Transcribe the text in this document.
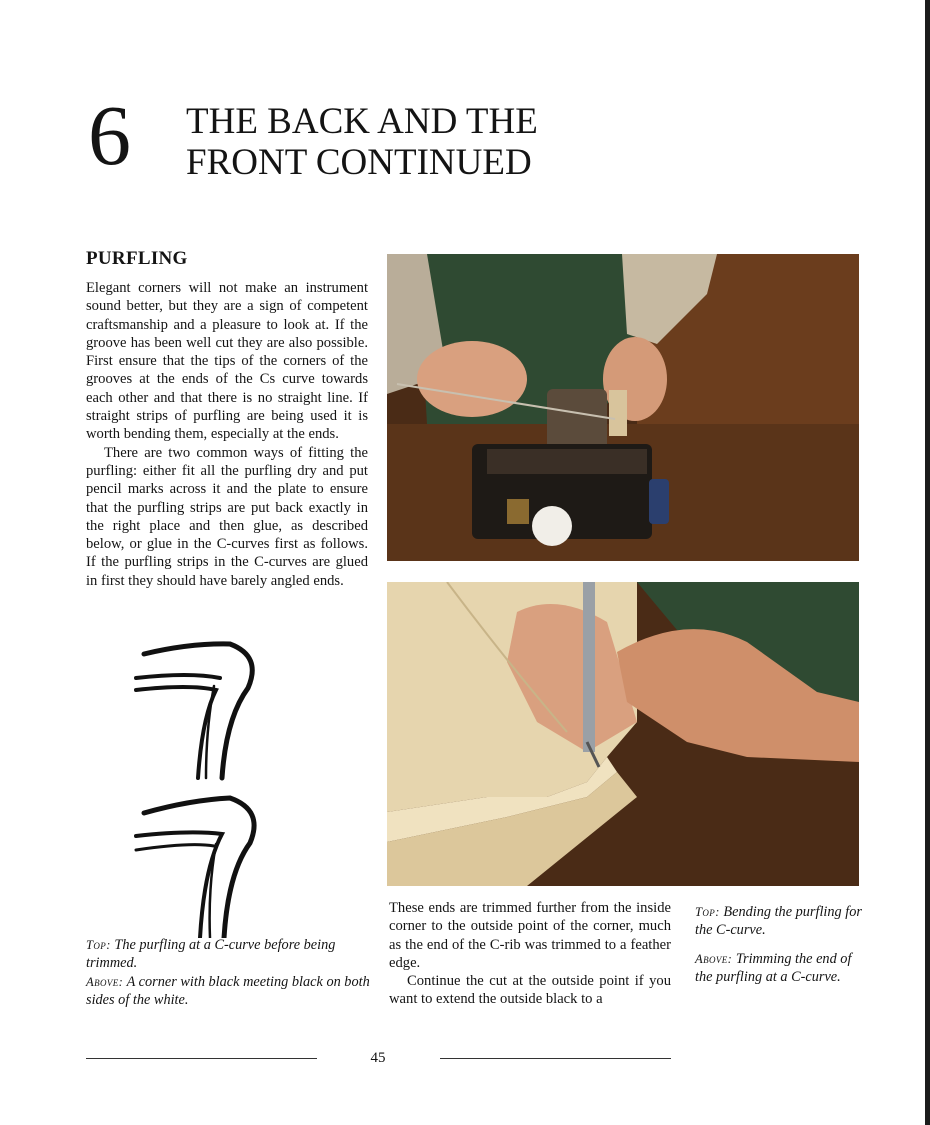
6 THE BACK AND THE
FRONT CONTINUED
PURFLING

Elegant corners will not make an instrument sound better, but they are a sign of competent craftsmanship and a pleasure to look at. If the groove has been well cut they are also possible. First ensure that the tips of the corners of the grooves at the ends of the Cs curve towards each other and that there is no straight line. If straight strips of purfling are being used it is worth bending them, especially at the ends.

There are two common ways of fitting the purfling: either fit all the purfling dry and put pencil marks across it and the plate to ensure that the purfling strips are put back exactly in the right place and then glue, as described below, or glue in the C-curves first as follows. If the purfling strips in the C-curves are glued in first they should have barely angled ends.

Top: The purfling at a C-curve before being trimmed.

Above: A corner with black meeting black on both sides of the white.

These ends are trimmed further from the inside corner to the outside point of the corner, much as the end of the C-rib was trimmed to a feather edge.

Continue the cut at the outside point if you want to extend the outside black to a

Top: Bending the purfling for the C-curve.

Above: Trimming the end of the purfling at a C-curve.

45
